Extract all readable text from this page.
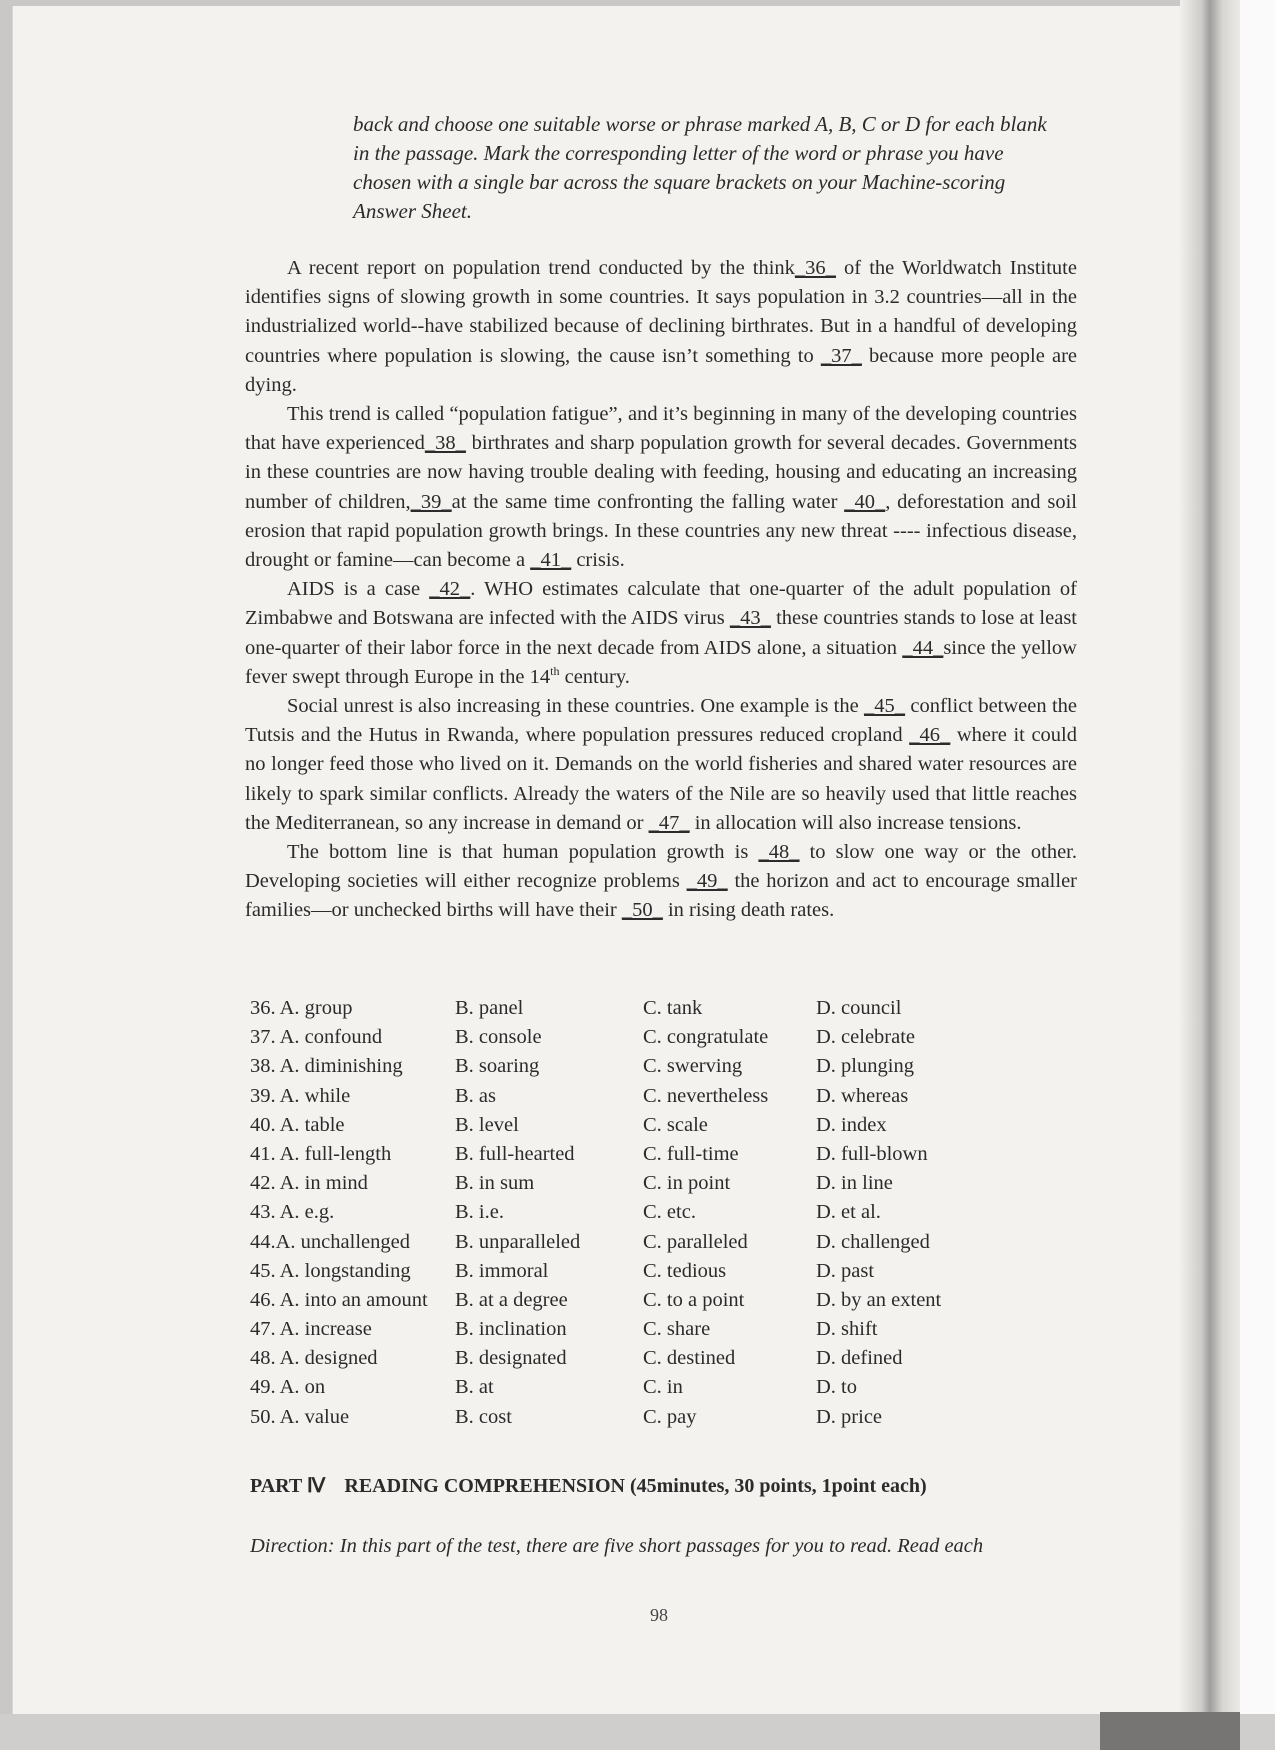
back and choose one suitable worse or phrase marked A, B, C or D for each blank
in the passage. Mark the corresponding letter of the word or phrase you have
chosen with a single bar across the square brackets on your Machine-scoring
Answer Sheet.

A recent report on population trend conducted by the think_36_ of the Worldwatch Institute identifies signs of slowing growth in some countries. It says population in 3.2 countries—all in the industrialized world--have stabilized because of declining birthrates. But in a handful of developing countries where population is slowing, the cause isn’t something to _37_ because more people are dying.

This trend is called “population fatigue”, and it’s beginning in many of the developing countries that have experienced_38_ birthrates and sharp population growth for several decades. Governments in these countries are now having trouble dealing with feeding, housing and educating an increasing number of children,_39_at the same time confronting the falling water _40_, deforestation and soil erosion that rapid population growth brings. In these countries any new threat ---- infectious disease, drought or famine—can become a _41_ crisis.

AIDS is a case _42_. WHO estimates calculate that one-quarter of the adult population of Zimbabwe and Botswana are infected with the AIDS virus _43_ these countries stands to lose at least one-quarter of their labor force in the next decade from AIDS alone, a situation _44_since the yellow fever swept through Europe in the 14th century.

Social unrest is also increasing in these countries. One example is the _45_ conflict between the Tutsis and the Hutus in Rwanda, where population pressures reduced cropland _46_ where it could no longer feed those who lived on it. Demands on the world fisheries and shared water resources are likely to spark similar conflicts. Already the waters of the Nile are so heavily used that little reaches the Mediterranean, so any increase in demand or _47_ in allocation will also increase tensions.

The bottom line is that human population growth is _48_ to slow one way or the other. Developing societies will either recognize problems _49_ the horizon and act to encourage smaller families—or unchecked births will have their _50_ in rising death rates.

36. A. group	B. panel	C. tank	D. council
37. A. confound	B. console	C. congratulate D. celebrate
38. A. diminishing	B. soaring	C. swerving	D. plunging
39. A. while	B. as	C. nevertheless D. whereas
40. A. table	B. level	C. scale	D. index
41. A. full-length	B. full-hearted	C. full-time	D. full-blown
42. A. in mind	B. in sum	C. in point	D. in line
43. A. e.g.	B. i.e.	C. etc.	D. et al.
44.A. unchallenged B. unparalleled	C. paralleled	D. challenged
45. A. longstanding B. immoral	C. tedious	D. past
46. A. into an amount B. at a degree	C. to a point	D. by an extent
47. A. increase	B. inclination	C. share	D. shift
48. A. designed	B. designated	C. destined	D. defined
49. A. on	B. at	C. in	D. to
50. A. value	B. cost	C. pay	D. price
PART Ⅳ READING COMPREHENSION (45minutes, 30 points, 1point each)
Direction: In this part of the test, there are five short passages for you to read. Read each
98
